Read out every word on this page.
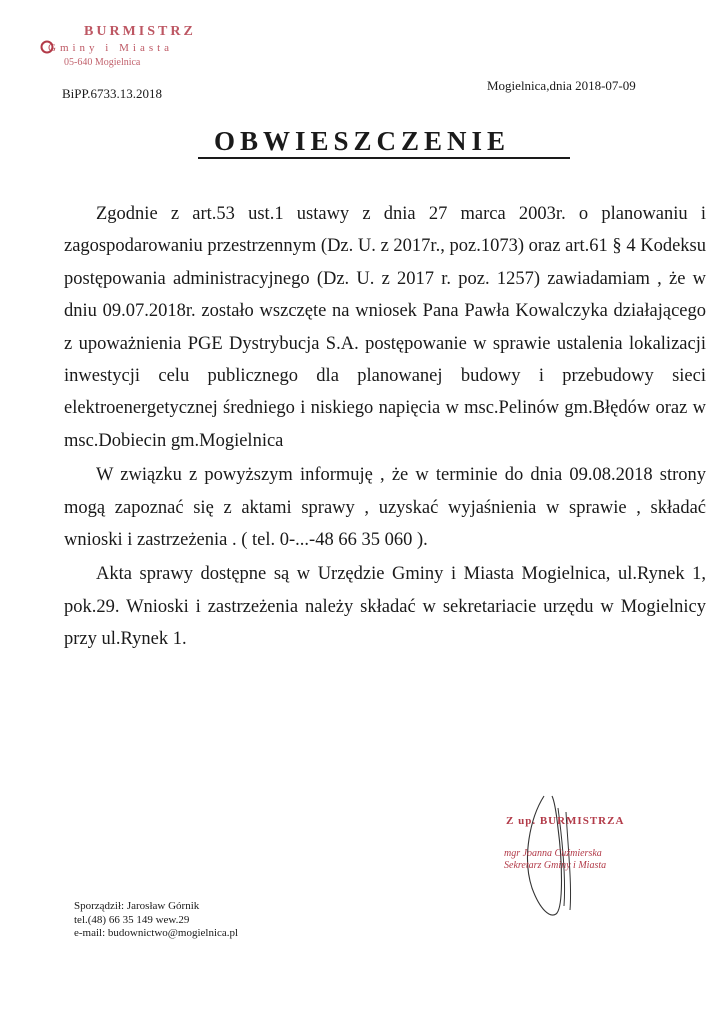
BURMISTRZ
Gminy i Miasta
05-640 Mogielnica
BiPP.6733.13.2018
Mogielnica,dnia 2018-07-09
OBWIESZCZENIE

Zgodnie z art.53 ust.1 ustawy z dnia 27 marca 2003r. o planowaniu i zagospodarowaniu przestrzennym (Dz. U. z 2017r., poz.1073) oraz art.61 § 4 Kodeksu postępowania administracyjnego (Dz. U. z 2017 r. poz. 1257) zawiadamiam , że w dniu 09.07.2018r. zostało wszczęte na wniosek Pana Pawła Kowalczyka działającego z upoważnienia PGE Dystrybucja S.A. postępowanie w sprawie ustalenia lokalizacji inwestycji celu publicznego dla planowanej budowy i przebudowy sieci elektroenergetycznej średniego i niskiego napięcia w msc.Pelinów gm.Błędów oraz w msc.Dobiecin gm.Mogielnica

W związku z powyższym informuję , że w terminie do dnia 09.08.2018 strony mogą zapoznać się z aktami sprawy , uzyskać wyjaśnienia w sprawie , składać wnioski i zastrzeżenia . ( tel. 0-...-48 66 35 060 ).

Akta sprawy dostępne są w Urzędzie Gminy i Miasta Mogielnica, ul.Rynek 1, pok.29. Wnioski i zastrzeżenia należy składać w sekretariacie urzędu w Mogielnicy przy ul.Rynek 1.

Z up. BURMISTRZA
mgr Joanna Cuźmierska
Sekretarz Gminy i Miasta
Sporządził: Jarosław Górnik
tel.(48) 66 35 149 wew.29
e-mail: budownictwo@mogielnica.pl
